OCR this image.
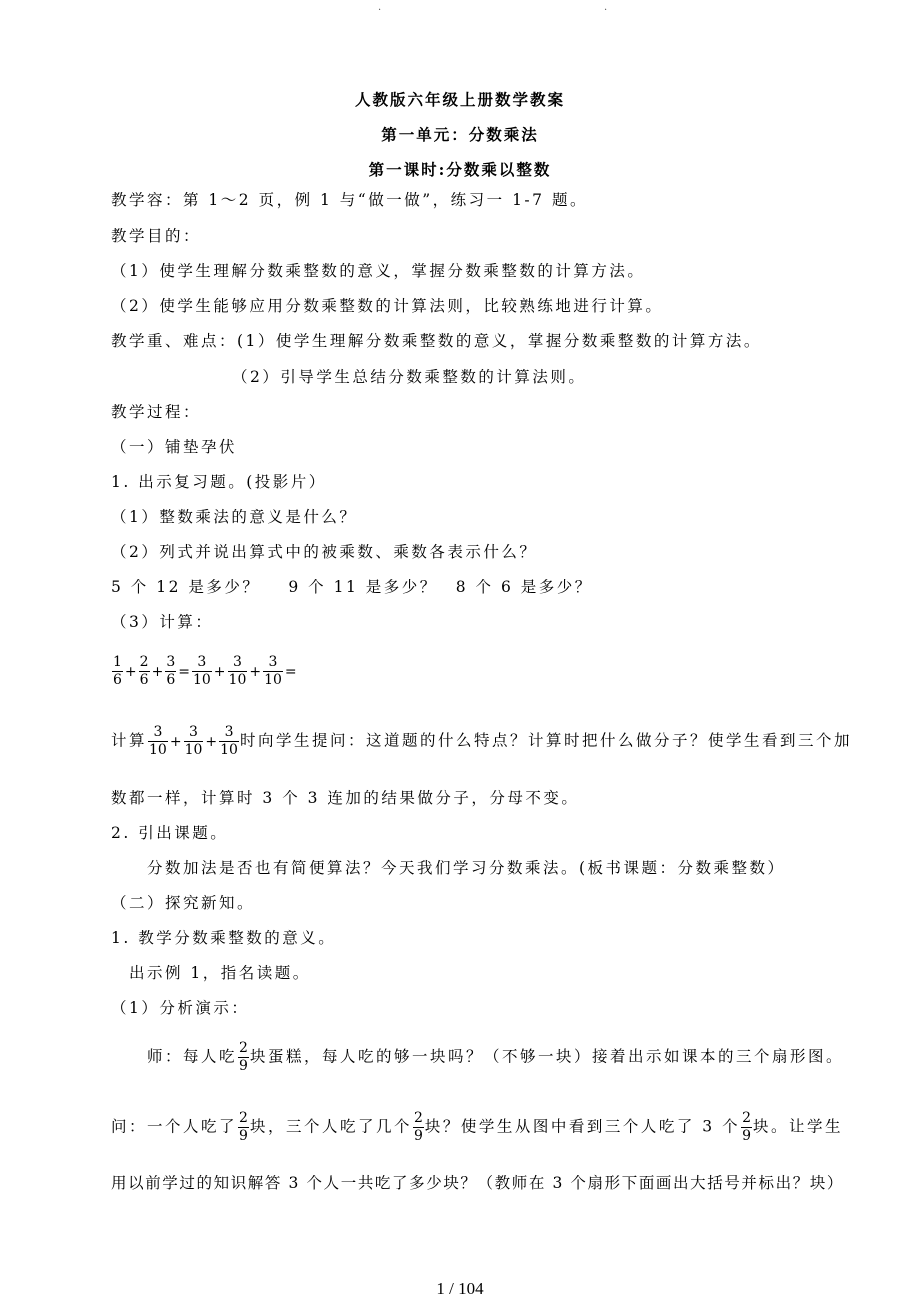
.	.
人教版六年级上册数学教案
第一单元：分数乘法
第一课时:分数乘以整数
教学容：第 1～2 页，例 1 与“做一做”，练习一 1-7 题。
教学目的：
（1）使学生理解分数乘整数的意义，掌握分数乘整数的计算方法。
（2）使学生能够应用分数乘整数的计算法则，比较熟练地进行计算。
教学重、难点：(1）使学生理解分数乘整数的意义，掌握分数乘整数的计算方法。
（2）引导学生总结分数乘整数的计算法则。
教学过程：
（一）铺垫孕伏
1. 出示复习题。(投影片）
（1）整数乘法的意义是什么？
（2）列式并说出算式中的被乘数、乘数各表示什么？
5 个 12 是多少？ 9 个 11 是多少？ 8 个 6 是多少？
（3）计算：
$\frac{1}{6} + \frac{2}{6} + \frac{3}{6} = \frac{3}{10} + \frac{3}{10} + \frac{3}{10}$ =
计算 $\frac{3}{10} + \frac{3}{10} + \frac{3}{10}$ 时向学生提问：这道题的什么特点？计算时把什么做分子？使学生看到三个加
数都一样，计算时 3 个 3 连加的结果做分子，分母不变。
2. 引出课题。
分数加法是否也有简便算法？今天我们学习分数乘法。(板书课题：分数乘整数）
（二）探究新知。
1. 教学分数乘整数的意义。
出示例 1，指名读题。
（1）分析演示：
师：每人吃 $\frac{2}{9}$ 块蛋糕，每人吃的够一块吗？（不够一块）接着出示如课本的三个扇形图。
问：一个人吃了 $\frac{2}{9}$ 块，三个人吃了几个 $\frac{2}{9}$ 块？使学生从图中看到三个人吃了 3 个 $\frac{2}{9}$ 块。让学生
用以前学过的知识解答 3 个人一共吃了多少块？（教师在 3 个扇形下面画出大括号并标出？块）
1 / 104
